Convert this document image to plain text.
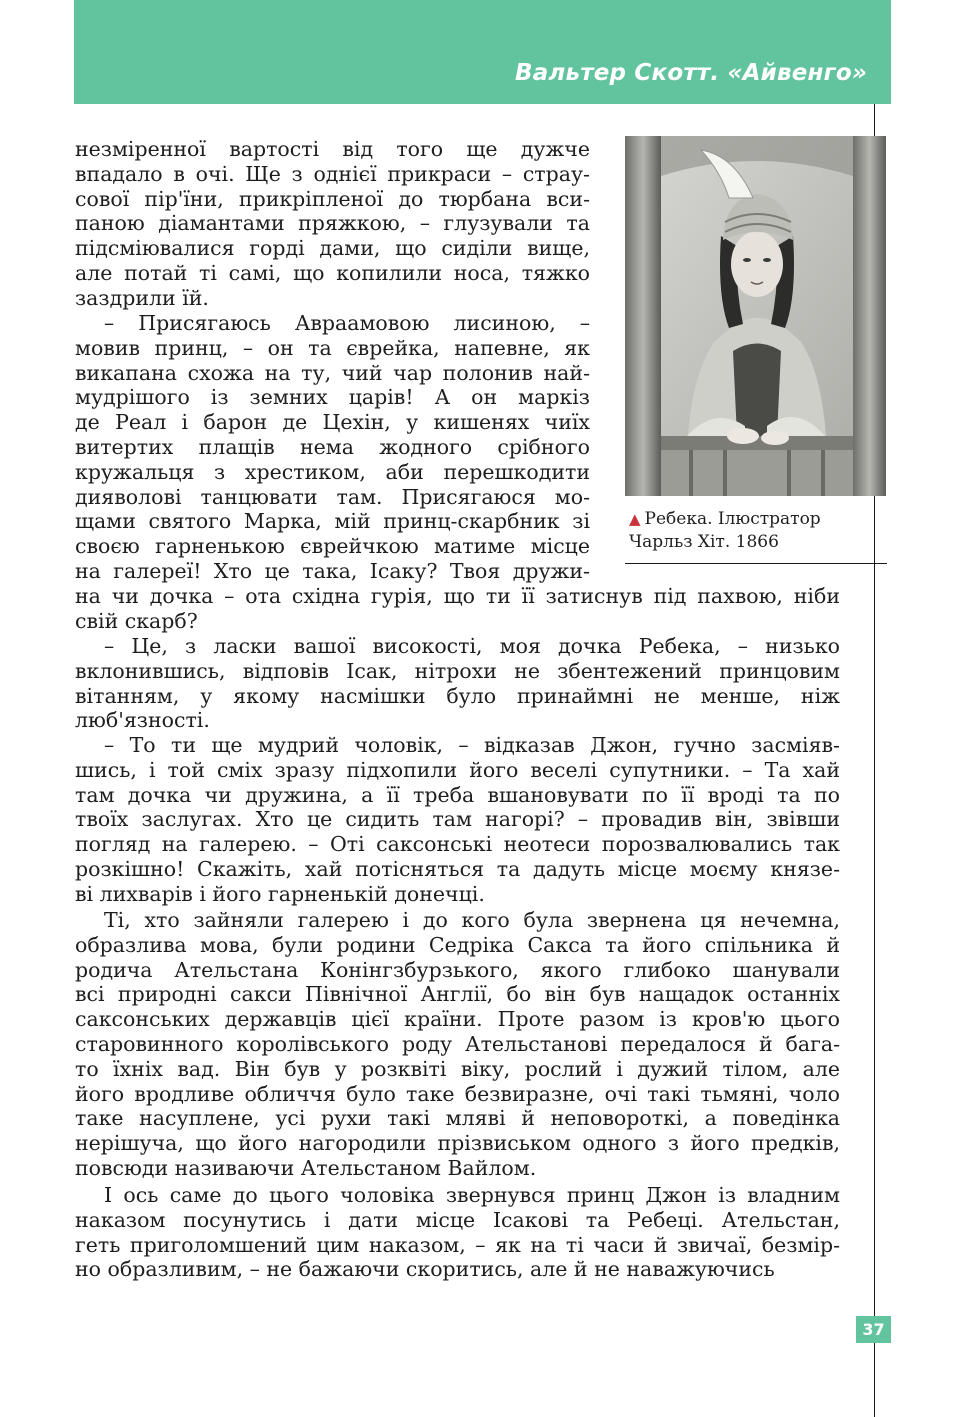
Вальтер Скотт. «Айвенго»
▲ Ребека. Ілюстратор
Чарльз Хіт. 1866
незміренної вартості від того ще дужче
впадало в очі. Ще з однієї прикраси – страу-
сової пір'їни, прикріпленої до тюрбана вси-
паною діамантами пряжкою, – глузували та
підсміювалися горді дами, що сиділи вище,
але потай ті самі, що копилили носа, тяжко
заздрили їй.
– Присягаюсь Авраамовою лисиною, –
мовив принц, – он та єврейка, напевне, як
викапана схожа на ту, чий чар полонив най-
мудрішого із земних царів! А он маркіз
де Реал і барон де Цехін, у кишенях чиїх
витертих плащів нема жодного срібного
кружальця з хрестиком, аби перешкодити
дияволові танцювати там. Присягаюся мо-
щами святого Марка, мій принц-скарбник зі
своєю гарненькою єврейчкою матиме місце
на галереї! Хто це така, Ісаку? Твоя дружи-
на чи дочка – ота східна гурія, що ти її затиснув під пахвою, ніби
свій скарб?
– Це, з ласки вашої високості, моя дочка Ребека, – низько
вклонившись, відповів Ісак, нітрохи не збентежений принцовим
вітанням, у якому насмішки було принаймні не менше, ніж
люб'язності.
– То ти ще мудрий чоловік, – відказав Джон, гучно засміяв-
шись, і той сміх зразу підхопили його веселі супутники. – Та хай
там дочка чи дружина, а її треба вшановувати по її вроді та по
твоїх заслугах. Хто це сидить там нагорі? – провадив він, звівши
погляд на галерею. – Оті саксонські неотеси порозвалювались так
розкішно! Скажіть, хай потісняться та дадуть місце моєму князе-
ві лихварів і його гарненькій донечці.
Ті, хто зайняли галерею і до кого була звернена ця нечемна,
образлива мова, були родини Седріка Сакса та його спільника й
родича Ательстана Конінгзбурзького, якого глибоко шанували
всі природні сакси Північної Англії, бо він був нащадок останніх
саксонських державців цієї країни. Проте разом із кров'ю цього
старовинного королівського роду Ательстанові передалося й бага-
то їхніх вад. Він був у розквіті віку, рослий і дужий тілом, але
його вродливе обличчя було таке безвиразне, очі такі тьмяні, чоло
таке насуплене, усі рухи такі мляві й неповороткі, а поведінка
нерішуча, що його нагородили прізвиськом одного з його предків,
повсюди називаючи Ательстаном Вайлом.
І ось саме до цього чоловіка звернувся принц Джон із владним
наказом посунутись і дати місце Ісакові та Ребеці. Ательстан,
геть приголомшений цим наказом, – як на ті часи й звичаї, безмір-
но образливим, – не бажаючи скоритись, але й не наважуючись
37
